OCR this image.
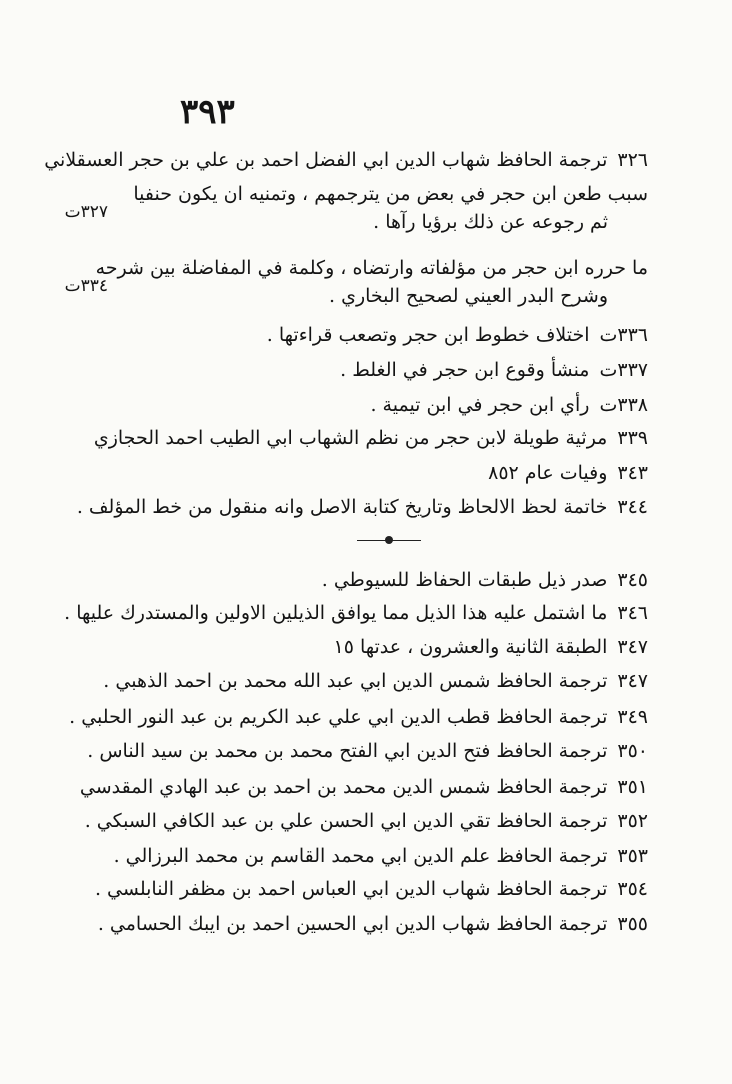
٣٩٣
٣٢٦ترجمة الحافظ شهاب الدين ابي الفضل احمد بن علي بن حجر العسقلاني
سبب طعن ابن حجر في بعض من يترجمهم ، وتمنيه ان يكون حنفيا
٣٢٧ت	ثم رجوعه عن ذلك برؤيا رآها .
ما حرره ابن حجر من مؤلفاته وارتضاه ، وكلمة في المفاضلة بين شرحه
٣٣٤ت	وشرح البدر العيني لصحيح البخاري .
٣٣٦تاختلاف خطوط ابن حجر وتصعب قراءتها .
٣٣٧تمنشأ وقوع ابن حجر في الغلط .
٣٣٨ترأي ابن حجر في ابن تيمية .
٣٣٩مرثية طويلة لابن حجر من نظم الشهاب ابي الطيب احمد الحجازي
٣٤٣وفيات عام ٨٥٢
٣٤٤خاتمة لحظ الالحاظ وتاريخ كتابة الاصل وانه منقول من خط المؤلف .
٣٤٥صدر ذيل طبقات الحفاظ للسيوطي .
٣٤٦ما اشتمل عليه هذا الذيل مما يوافق الذيلين الاولين والمستدرك عليها .
٣٤٧الطبقة الثانية والعشرون ، عدتها ١٥
٣٤٧ترجمة الحافظ شمس الدين ابي عبد الله محمد بن احمد الذهبي .
٣٤٩ترجمة الحافظ قطب الدين ابي علي عبد الكريم بن عبد النور الحلبي .
٣٥٠ترجمة الحافظ فتح الدين ابي الفتح محمد بن محمد بن سيد الناس .
٣٥١ترجمة الحافظ شمس الدين محمد بن احمد بن عبد الهادي المقدسي
٣٥٢ترجمة الحافظ تقي الدين ابي الحسن علي بن عبد الكافي السبكي .
٣٥٣ترجمة الحافظ علم الدين ابي محمد القاسم بن محمد البرزالي .
٣٥٤ترجمة الحافظ شهاب الدين ابي العباس احمد بن مظفر النابلسي .
٣٥٥ترجمة الحافظ شهاب الدين ابي الحسين احمد بن ايبك الحسامي .
